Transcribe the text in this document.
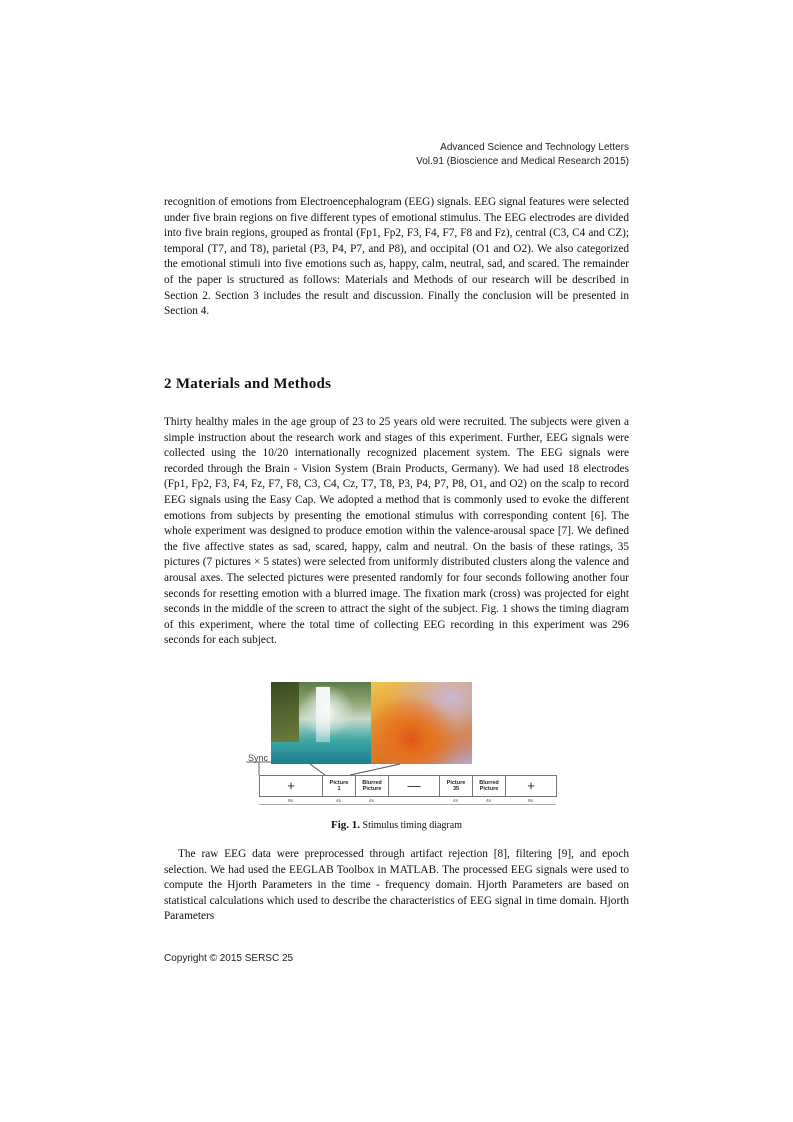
Advanced Science and Technology Letters
Vol.91 (Bioscience and Medical Research 2015)

recognition of emotions from Electroencephalogram (EEG) signals. EEG signal features were selected under five brain regions on five different types of emotional stimulus. The EEG electrodes are divided into five brain regions, grouped as frontal (Fp1, Fp2, F3, F4, F7, F8 and Fz), central (C3, C4 and CZ); temporal (T7, and T8), parietal (P3, P4, P7, and P8), and occipital (O1 and O2). We also categorized the emotional stimuli into five emotions such as, happy, calm, neutral, sad, and scared. The remainder of the paper is structured as follows: Materials and Methods of our research will be described in Section 2. Section 3 includes the result and discussion. Finally the conclusion will be presented in Section 4.

2 Materials and Methods

Thirty healthy males in the age group of 23 to 25 years old were recruited. The subjects were given a simple instruction about the research work and stages of this experiment. Further, EEG signals were collected using the 10/20 internationally recognized placement system. The EEG signals were recorded through the Brain - Vision System (Brain Products, Germany). We had used 18 electrodes (Fp1, Fp2, F3, F4, Fz, F7, F8, C3, C4, Cz, T7, T8, P3, P4, P7, P8, O1, and O2) on the scalp to record EEG signals using the Easy Cap. We adopted a method that is commonly used to evoke the different emotions from subjects by presenting the emotional stimulus with corresponding content [6]. The whole experiment was designed to produce emotion within the valence-arousal space [7]. We defined the five affective states as sad, scared, happy, calm and neutral. On the basis of these ratings, 35 pictures (7 pictures × 5 states) were selected from uniformly distributed clusters along the valence and arousal axes. The selected pictures were presented randomly for four seconds following another four seconds for resetting emotion with a blurred image. The fixation mark (cross) was projected for eight seconds in the middle of the screen to attract the sight of the subject. Fig. 1 shows the timing diagram of this experiment, where the total time of collecting EEG recording in this experiment was 296 seconds for each subject.

Sync
+	Picture
1
Blurred
Picture	—	Picture
35
Blurred
Picture	+
8s	4s	4s	4s	4s	8s
Fig. 1. Stimulus timing diagram

The raw EEG data were preprocessed through artifact rejection [8], filtering [9], and epoch selection. We had used the EEGLAB Toolbox in MATLAB. The processed EEG signals were used to compute the Hjorth Parameters in the time - frequency domain. Hjorth Parameters are based on statistical calculations which used to describe the characteristics of EEG signal in time domain. Hjorth Parameters

Copyright © 2015 SERSC 25
